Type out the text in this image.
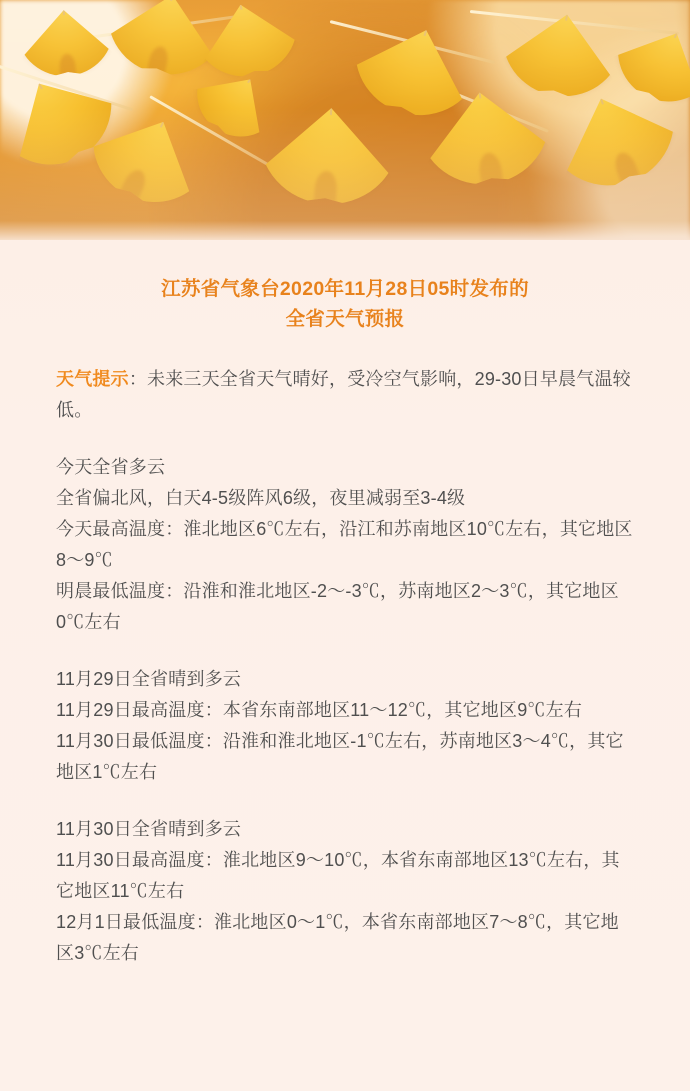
江苏省气象台2020年11月28日05时发布的
全省天气预报

天气提示：未来三天全省天气晴好，受冷空气影响，29-30日早晨气温较低。

今天全省多云

全省偏北风，白天4-5级阵风6级，夜里减弱至3-4级

今天最高温度：淮北地区6℃左右，沿江和苏南地区10℃左右，其它地区8～9℃

明晨最低温度：沿淮和淮北地区-2～-3℃，苏南地区2～3℃，其它地区0℃左右

11月29日全省晴到多云

11月29日最高温度：本省东南部地区11～12℃，其它地区9℃左右

11月30日最低温度：沿淮和淮北地区-1℃左右，苏南地区3～4℃，其它地区1℃左右

11月30日全省晴到多云

11月30日最高温度：淮北地区9～10℃，本省东南部地区13℃左右，其它地区11℃左右

12月1日最低温度：淮北地区0～1℃，本省东南部地区7～8℃，其它地区3℃左右
